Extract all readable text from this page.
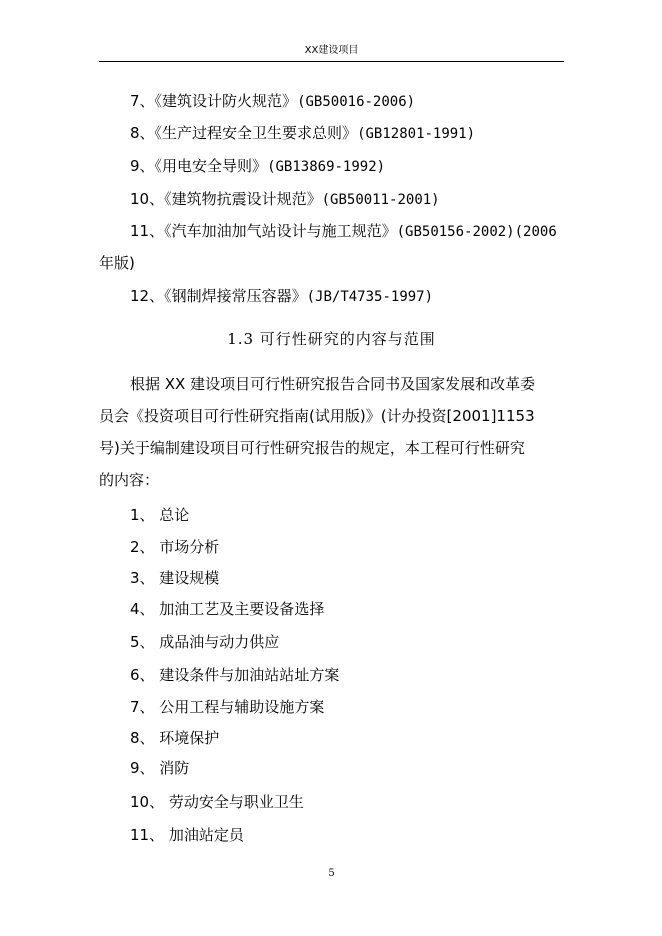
XX建设项目
7、《建筑设计防火规范》(GB50016-2006)
8、《生产过程安全卫生要求总则》(GB12801-1991)
9、《用电安全导则》(GB13869-1992)
10、《建筑物抗震设计规范》(GB50011-2001)
11、《汽车加油加气站设计与施工规范》(GB50156-2002)(2006
年版)
12、《钢制焊接常压容器》(JB/T4735-1997)
1.3 可行性研究的内容与范围
根据 XX 建设项目可行性研究报告合同书及国家发展和改革委
员会《投资项目可行性研究指南(试用版)》(计办投资[2001]1153
号)关于编制建设项目可行性研究报告的规定，本工程可行性研究
的内容：
1、 总论
2、 市场分析
3、 建设规模
4、 加油工艺及主要设备选择
5、 成品油与动力供应
6、 建设条件与加油站站址方案
7、 公用工程与辅助设施方案
8、 环境保护
9、 消防
10、 劳动安全与职业卫生
11、 加油站定员
5
